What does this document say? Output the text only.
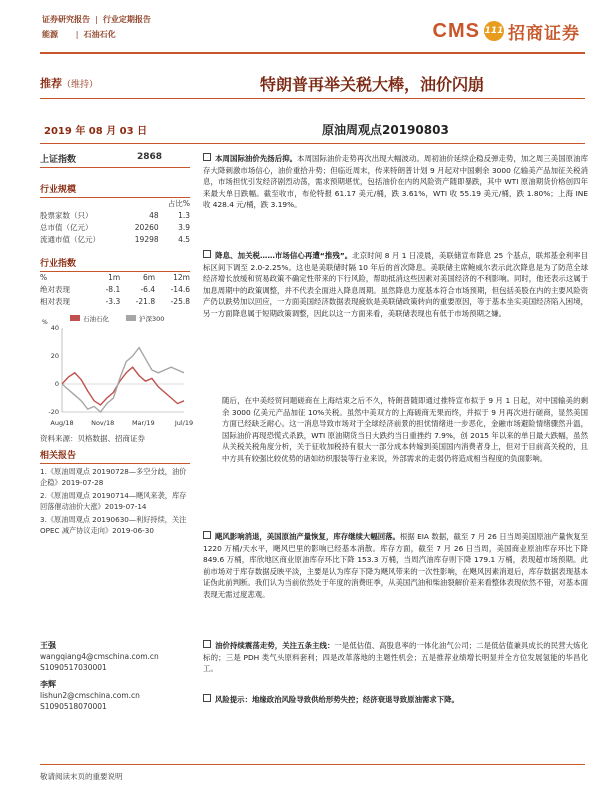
证券研究报告  |  行业定期报告
能源       |  石油石化	CMS 111 招商证券
推荐（维持）	特朗普再举关税大棒，油价闪崩
2019 年 08 月 03 日	原油周观点20190803
上证指数	2868
行业规模
		占比%
股票家数（只）	48	1.3
总市值（亿元）	20260	3.9
流通市值（亿元）	19298	4.5
行业指数
%	1m	6m	12m
绝对表现	-8.1	-6.4	-14.6
相对表现	-3.3	-21.8	-25.8
石油石化	沪深300
40
20
0
-20
%
Aug/18	Nov/18	Mar/19	Jul/19
资料来源：贝格数据、招商证券
相关报告
1.《原油周观点 20190728—多空分歧，油价企稳》2019-07-28
2.《原油周观点 20190714—飓风来袭，库存回落催动油价大涨》2019-07-14
3.《原油周观点 20190630—利好持续，关注 OPEC 减产协议走向》2019-06-30
王强
wangqiang4@cmschina.com.cn
S1090517030001
李辉
lishun2@cmschina.com.cn
S1090518070001
本周国际油价先扬后抑。本周国际油价走势再次出现大幅波动。周初油价延续企稳反弹走势，加之周三美国原油库存大降刺激市场信心，油价重拾升势；但临近周末，传来特朗普计划 9 月起对中国剩余 3000 亿输美产品加征关税消息，市场担忧引发经济剧烈动荡，需求预期堪忧，包括油价在内的风险资产随即暴跌，其中 WTI 原油期货价格创四年来最大单日跌幅。截至收市，布伦特报 61.17 美元/桶，跌 3.61%，WTI 收 55.19 美元/桶，跌 1.80%；上海 INE 收 428.4 元/桶，跌 3.19%。
降息、加关税……市场信心再遭“推残”。北京时间 8 月 1 日凌晨，美联储宣布降息 25 个基点，联邦基金利率目标区间下调至 2.0-2.25%。这也是美联储时隔 10 年后的首次降息。美联储主席鲍威尔表示此次降息是为了防范全球经济增长放缓和贸易政策不确定性带来的下行风险，帮助抵消这些因素对美国经济的不利影响。同时，他还表示这属于加息周期中的政策调整，并不代表全面进入降息周期。虽然降息力度基本符合市场预期，但包括美股在内的主要风险资产仍以跌势加以回应，一方面美国经济数据表现疲软是美联储政策转向的重要原因，等于基本坐实美国经济陷入困境，另一方面降息属于短期政策调整，因此以这一方面来看，美联储表现也有低于市场预期之嫌。
随后，在中美经贸问题磋商在上海结束之后不久，特朗普随即通过推特宣布拟于 9 月 1 日起，对中国输美的剩余 3000 亿美元产品加征 10%关税。虽然中美双方的上海磋商无果而终，并拟于 9 月再次进行磋商，显然美国方面已经缺乏耐心。这一消息导致市场对于全球经济前景的担忧情绪进一步恶化，金融市场避险情绪骤然升温，国际油价再现恐慌式杀跌，WTI 原油期货当日大跌约当日重挫约 7.9%，创 2015 年以来的单日最大跌幅，虽然从关税关税角度分析，关于征收加税持有很大一部分成本转嫁到美国国内消费者身上，但对于目前高关税的，且中方具有较强比较优势的诸如纺织服装等行业来说，外部需求的走弱仍将造成相当程度的负面影响。
飓风影响消退，美国原油产量恢复，库存继续大幅回落。根据 EIA 数据，截至 7 月 26 日当周美国原油产量恢复至 1220 万桶/天水平，飓风巴里的影响已经基本消散。库存方面，截至 7 月 26 日当周，美国商业原油库存环比下降 849.6 万桶，库欣地区商业原油库存环比下降 153.3 万桶，当周汽油库存则下降 179.1 万桶，表现超市场预期。此前市场对于库存数据反映平淡，主要是认为库存下降为飓风带来的一次性影响，在飓风因素消退后，库存数据表现基本证伪此前判断。我们认为当前依然处于年度的消费旺季，从美国汽油和柴油裂解价差来看整体表现依然不错，对基本面表现无需过度悲观。
油价持续震荡走势，关注五条主线：一是低估值、高股息率的一体化油气公司；二是低估值兼具成长的民营大炼化标的；三是 PDH 类气头原料套利；四是改革落地的主题性机会；五是推荐业绩增长明显并全方位发展氢能的华昌化工。
风险提示：地缘政治风险导致供给形势失控；经济衰退导致原油需求下降。
敬请阅读末页的重要说明
